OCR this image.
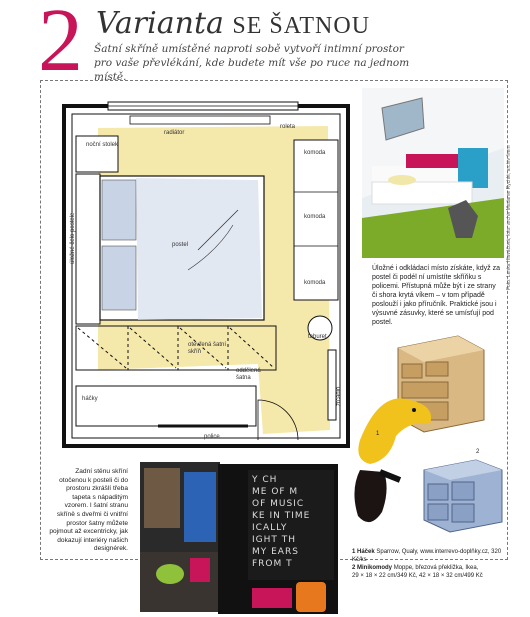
2 Varianta SE ŠATNOU
Šatní skříně umístěné naproti sobě vytvoří intimní prostor pro vaše převlékání, kde budete mít vše po ruce na jednom místě.
noční stolek
radiátor
roleta
komoda
komoda
komoda
postel
úložné čelo postele
otevřená šatní skříň
taburet
háčky
oddělená šatna
zrcadlo
police
Úložné i odkládací místo získáte, když za postel či podél ní umístíte skříňku s policemi. Přístupná může být i ze strany či shora krytá víkem – v tom případě poslouží i jako příručník. Praktické jsou i výsuvné zásuvky, které se umísťují pod postel.
2
1
1 Háček Sparrow, Qualy, www.interrevo-doplňky.cz, 320 Kč/ks
2 Minikomody Moppe, březová překližka, Ikea,
29 × 18 × 22 cm/349 Kč, 42 × 18 × 32 cm/499 Kč
Zadní stěnu skříní otočenou k posteli či do prostoru zkrášlí třeba tapeta s nápaditým vzorem. I šatní stranu skříně s dveřmi či vnitřní prostor šatny můžete pojmout až excentricky, jak dokazují interiéry našich designérek.
Y CH
ME OF M
OF MUSIC
KE IN TIME
ICALLY
IGHT TH
MY EARS
FROM T
Foto: Lenka Hlaváčová, foto: archiv Madame Rychlé, archiv firem
